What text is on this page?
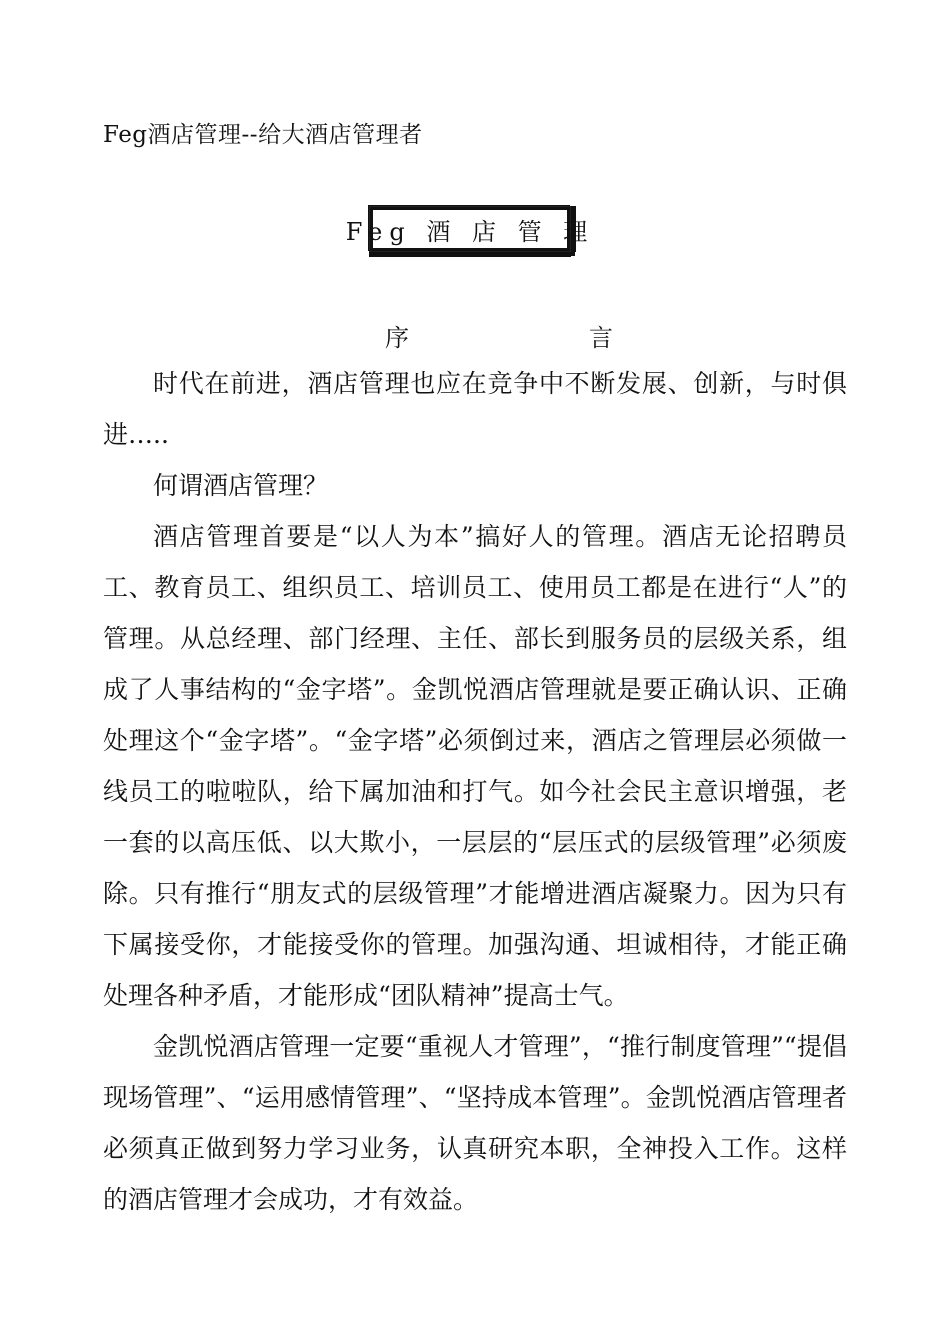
Feg酒店管理--给大酒店管理者
Feg 酒 店 管 理
序	言

时代在前进，酒店管理也应在竞争中不断发展、创新，与时俱进…..

何谓酒店管理？

酒店管理首要是“以人为本”搞好人的管理。酒店无论招聘员工、教育员工、组织员工、培训员工、使用员工都是在进行“人”的管理。从总经理、部门经理、主任、部长到服务员的层级关系，组成了人事结构的“金字塔”。金凯悦酒店管理就是要正确认识、正确处理这个“金字塔”。“金字塔”必须倒过来，酒店之管理层必须做一线员工的啦啦队，给下属加油和打气。如今社会民主意识增强，老一套的以高压低、以大欺小，一层层的“层压式的层级管理”必须废除。只有推行“朋友式的层级管理”才能增进酒店凝聚力。因为只有下属接受你，才能接受你的管理。加强沟通、坦诚相待，才能正确处理各种矛盾，才能形成“团队精神”提高士气。

金凯悦酒店管理一定要“重视人才管理”，“推行制度管理”“提倡现场管理”、“运用感情管理”、“坚持成本管理”。金凯悦酒店管理者必须真正做到努力学习业务，认真研究本职，全神投入工作。这样的酒店管理才会成功，才有效益。
